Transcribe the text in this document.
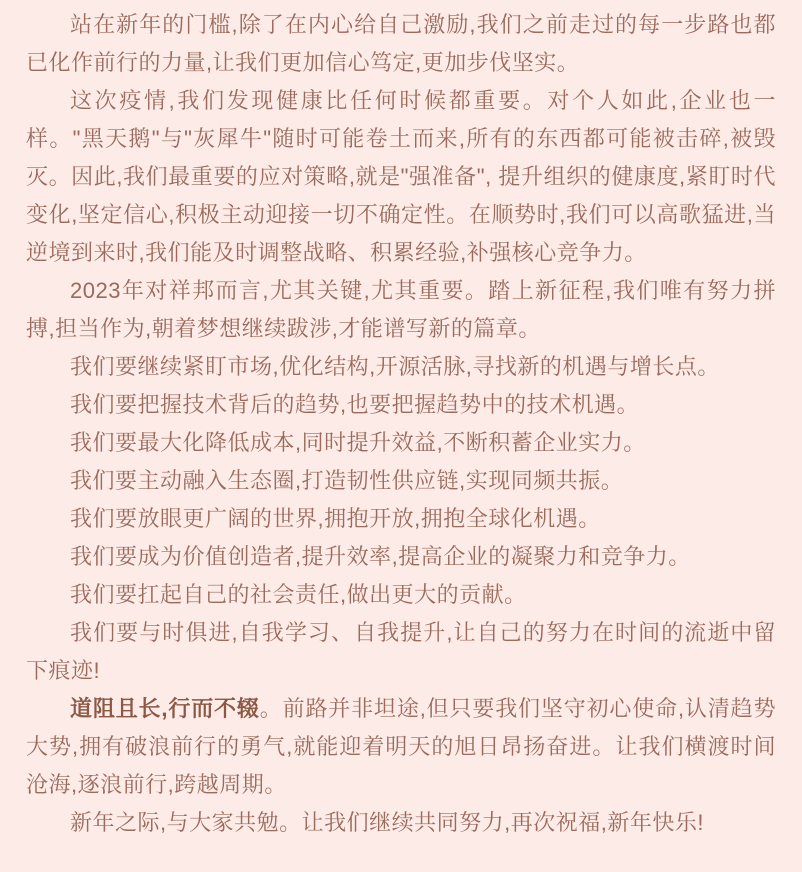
站在新年的门槛,除了在内心给自己激励,我们之前走过的每一步路也都已化作前行的力量,让我们更加信心笃定,更加步伐坚实。

这次疫情,我们发现健康比任何时候都重要。对个人如此,企业也一样。"黑天鹅"与"灰犀牛"随时可能卷土而来,所有的东西都可能被击碎,被毁灭。因此,我们最重要的应对策略,就是"强准备", 提升组织的健康度,紧盯时代变化,坚定信心,积极主动迎接一切不确定性。在顺势时,我们可以高歌猛进,当逆境到来时,我们能及时调整战略、积累经验,补强核心竞争力。

2023年对祥邦而言,尤其关键,尤其重要。踏上新征程,我们唯有努力拼搏,担当作为,朝着梦想继续跋涉,才能谱写新的篇章。

我们要继续紧盯市场,优化结构,开源活脉,寻找新的机遇与增长点。

我们要把握技术背后的趋势,也要把握趋势中的技术机遇。

我们要最大化降低成本,同时提升效益,不断积蓄企业实力。

我们要主动融入生态圈,打造韧性供应链,实现同频共振。

我们要放眼更广阔的世界,拥抱开放,拥抱全球化机遇。

我们要成为价值创造者,提升效率,提高企业的凝聚力和竞争力。

我们要扛起自己的社会责任,做出更大的贡献。

我们要与时俱进,自我学习、自我提升,让自己的努力在时间的流逝中留下痕迹!

道阻且长,行而不辍。前路并非坦途,但只要我们坚守初心使命,认清趋势大势,拥有破浪前行的勇气,就能迎着明天的旭日昂扬奋进。让我们横渡时间沧海,逐浪前行,跨越周期。

新年之际,与大家共勉。让我们继续共同努力,再次祝福,新年快乐!
